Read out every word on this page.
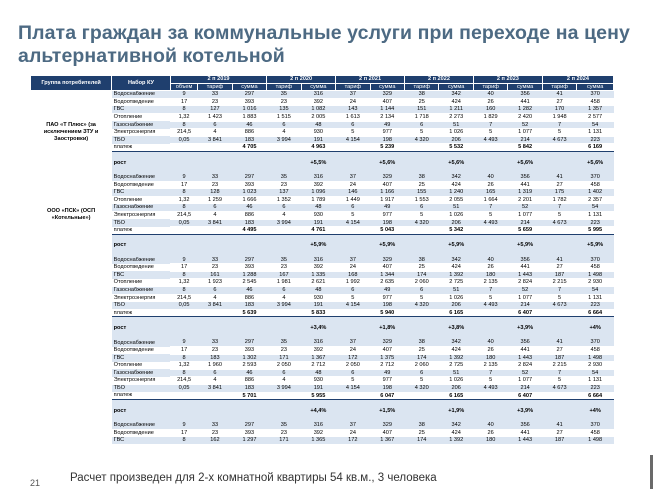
Плата граждан за коммунальные услуги при переходе на цену альтернативной котельной
Группа потребителей	Набор КУ	2 п 2019			2 п 2020		2 п 2021		2 п 2022		2 п 2023		2 п 2024	
		объем	тариф	сумма	тариф	сумма	тариф	сумма	тариф	сумма	тариф	сумма	тариф	сумма
ПАО «Т Плюс» (за исключением ЗТУ и Заостровки)	Водоснабжение	9	33	297	35	316	37	329	38	342	40	356	41	370
	Водоотведение	17	23	393	23	392	24	407	25	424	26	441	27	458
	ГВС	8	127	1 016	135	1 082	143	1 144	151	1 211	160	1 282	170	1 357
	Отопление	1,32	1 423	1 883	1 515	2 005	1 613	2 134	1 718	2 273	1 829	2 420	1 948	2 577
	Газоснабжение	8	6	46	6	48	6	49	6	51	7	52	7	54
	Электроэнергия	214,5	4	886	4	930	5	977	5	1 026	5	1 077	5	1 131
	ТБО	0,05	3 841	183	3 994	191	4 154	198	4 320	206	4 493	214	4 673	223
	платеж			4 705		4 963		5 239		5 532		5 842		6 169
	рост					+5,5%		+5,6%		+5,6%		+5,6%		+5,6%
ООО «ПСК» (ОСП «Котельные»)	Водоснабжение	9	33	297	35	316	37	329	38	342	40	356	41	370
	Водоотведение	17	23	393	23	392	24	407	25	424	26	441	27	458
	ГВС	8	128	1 023	137	1 096	146	1 166	155	1 240	165	1 319	175	1 402
	Отопление	1,32	1 259	1 666	1 352	1 789	1 449	1 917	1 553	2 055	1 664	2 201	1 782	2 357
	Газоснабжение	8	6	46	6	48	6	49	6	51	7	52	7	54
	Электроэнергия	214,5	4	886	4	930	5	977	5	1 026	5	1 077	5	1 131
	ТБО	0,05	3 841	183	3 994	191	4 154	198	4 320	206	4 493	214	4 673	223
	платеж			4 495		4 761		5 043		5 342		5 659		5 995
	рост					+5,9%		+5,9%		+5,9%		+5,9%		+5,9%
	Водоснабжение	9	33	297	35	316	37	329	38	342	40	356	41	370
	Водоотведение	17	23	393	23	392	24	407	25	424	26	441	27	458
	ГВС	8	161	1 288	167	1 335	168	1 344	174	1 392	180	1 443	187	1 498
	Отопление	1,32	1 923	2 545	1 981	2 621	1 992	2 635	2 060	2 725	2 135	2 824	2 215	2 930
	Газоснабжение	8	6	46	6	48	6	49	6	51	7	52	7	54
	Электроэнергия	214,5	4	886	4	930	5	977	5	1 026	5	1 077	5	1 131
	ТБО	0,05	3 841	183	3 994	191	4 154	198	4 320	206	4 493	214	4 673	223
	платеж			5 639		5 833		5 940		6 165		6 407		6 664
	рост					+3,4%		+1,8%		+3,8%		+3,9%		+4%
	Водоснабжение	9	33	297	35	316	37	329	38	342	40	356	41	370
	Водоотведение	17	23	393	23	392	24	407	25	424	26	441	27	458
	ГВС	8	183	1 302	171	1 367	172	1 375	174	1 392	180	1 443	187	1 498
	Отопление	1,32	1 960	2 593	2 050	2 712	2 050	2 712	2 060	2 725	2 135	2 824	2 215	2 930
	Газоснабжение	8	6	46	6	48	6	49	6	51	7	52	7	54
	Электроэнергия	214,5	4	886	4	930	5	977	5	1 026	5	1 077	5	1 131
	ТБО	0,05	3 841	183	3 994	191	4 154	198	4 320	206	4 493	214	4 673	223
	платеж			5 701		5 955		6 047		6 165		6 407		6 664
	рост					+4,4%		+1,5%		+1,9%		+3,9%		+4%
	Водоснабжение	9	33	297	35	316	37	329	38	342	40	356	41	370
	Водоотведение	17	23	393	23	392	24	407	25	424	26	441	27	458
	ГВС	8	162	1 297	171	1 365	172	1 367	174	1 392	180	1 443	187	1 498
21	Расчет произведен для 2-х комнатной квартиры 54 кв.м., 3 человека
